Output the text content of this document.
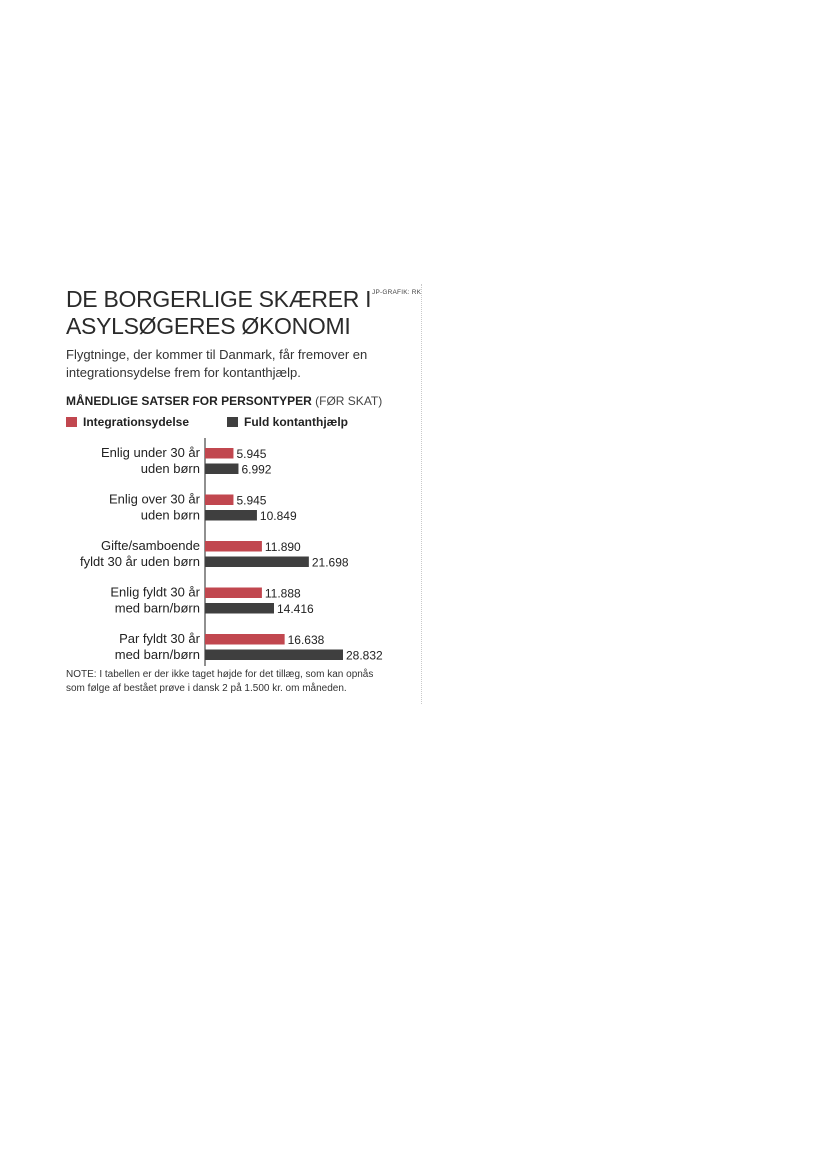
JP-GRAFIK: RK
DE BORGERLIGE SKÆRER I
ASYLSØGERES ØKONOMI
Flygtninge, der kommer til Danmark, får fremover en
integrationsydelse frem for kontanthjælp.
MÅNEDLIGE SATSER FOR PERSONTYPER (FØR SKAT)
Integrationsydelse	Fuld kontanthjælp
Enlig under 30 år
uden børn
5.945
6.992
Enlig over 30 år
uden børn
5.945
10.849
Gifte/samboende
fyldt 30 år uden børn
11.890
21.698
Enlig fyldt 30 år
med barn/børn
11.888
14.416
Par fyldt 30 år
med barn/børn
16.638
28.832
NOTE: I tabellen er der ikke taget højde for det tillæg, som kan opnås
som følge af bestået prøve i dansk 2 på 1.500 kr. om måneden.
